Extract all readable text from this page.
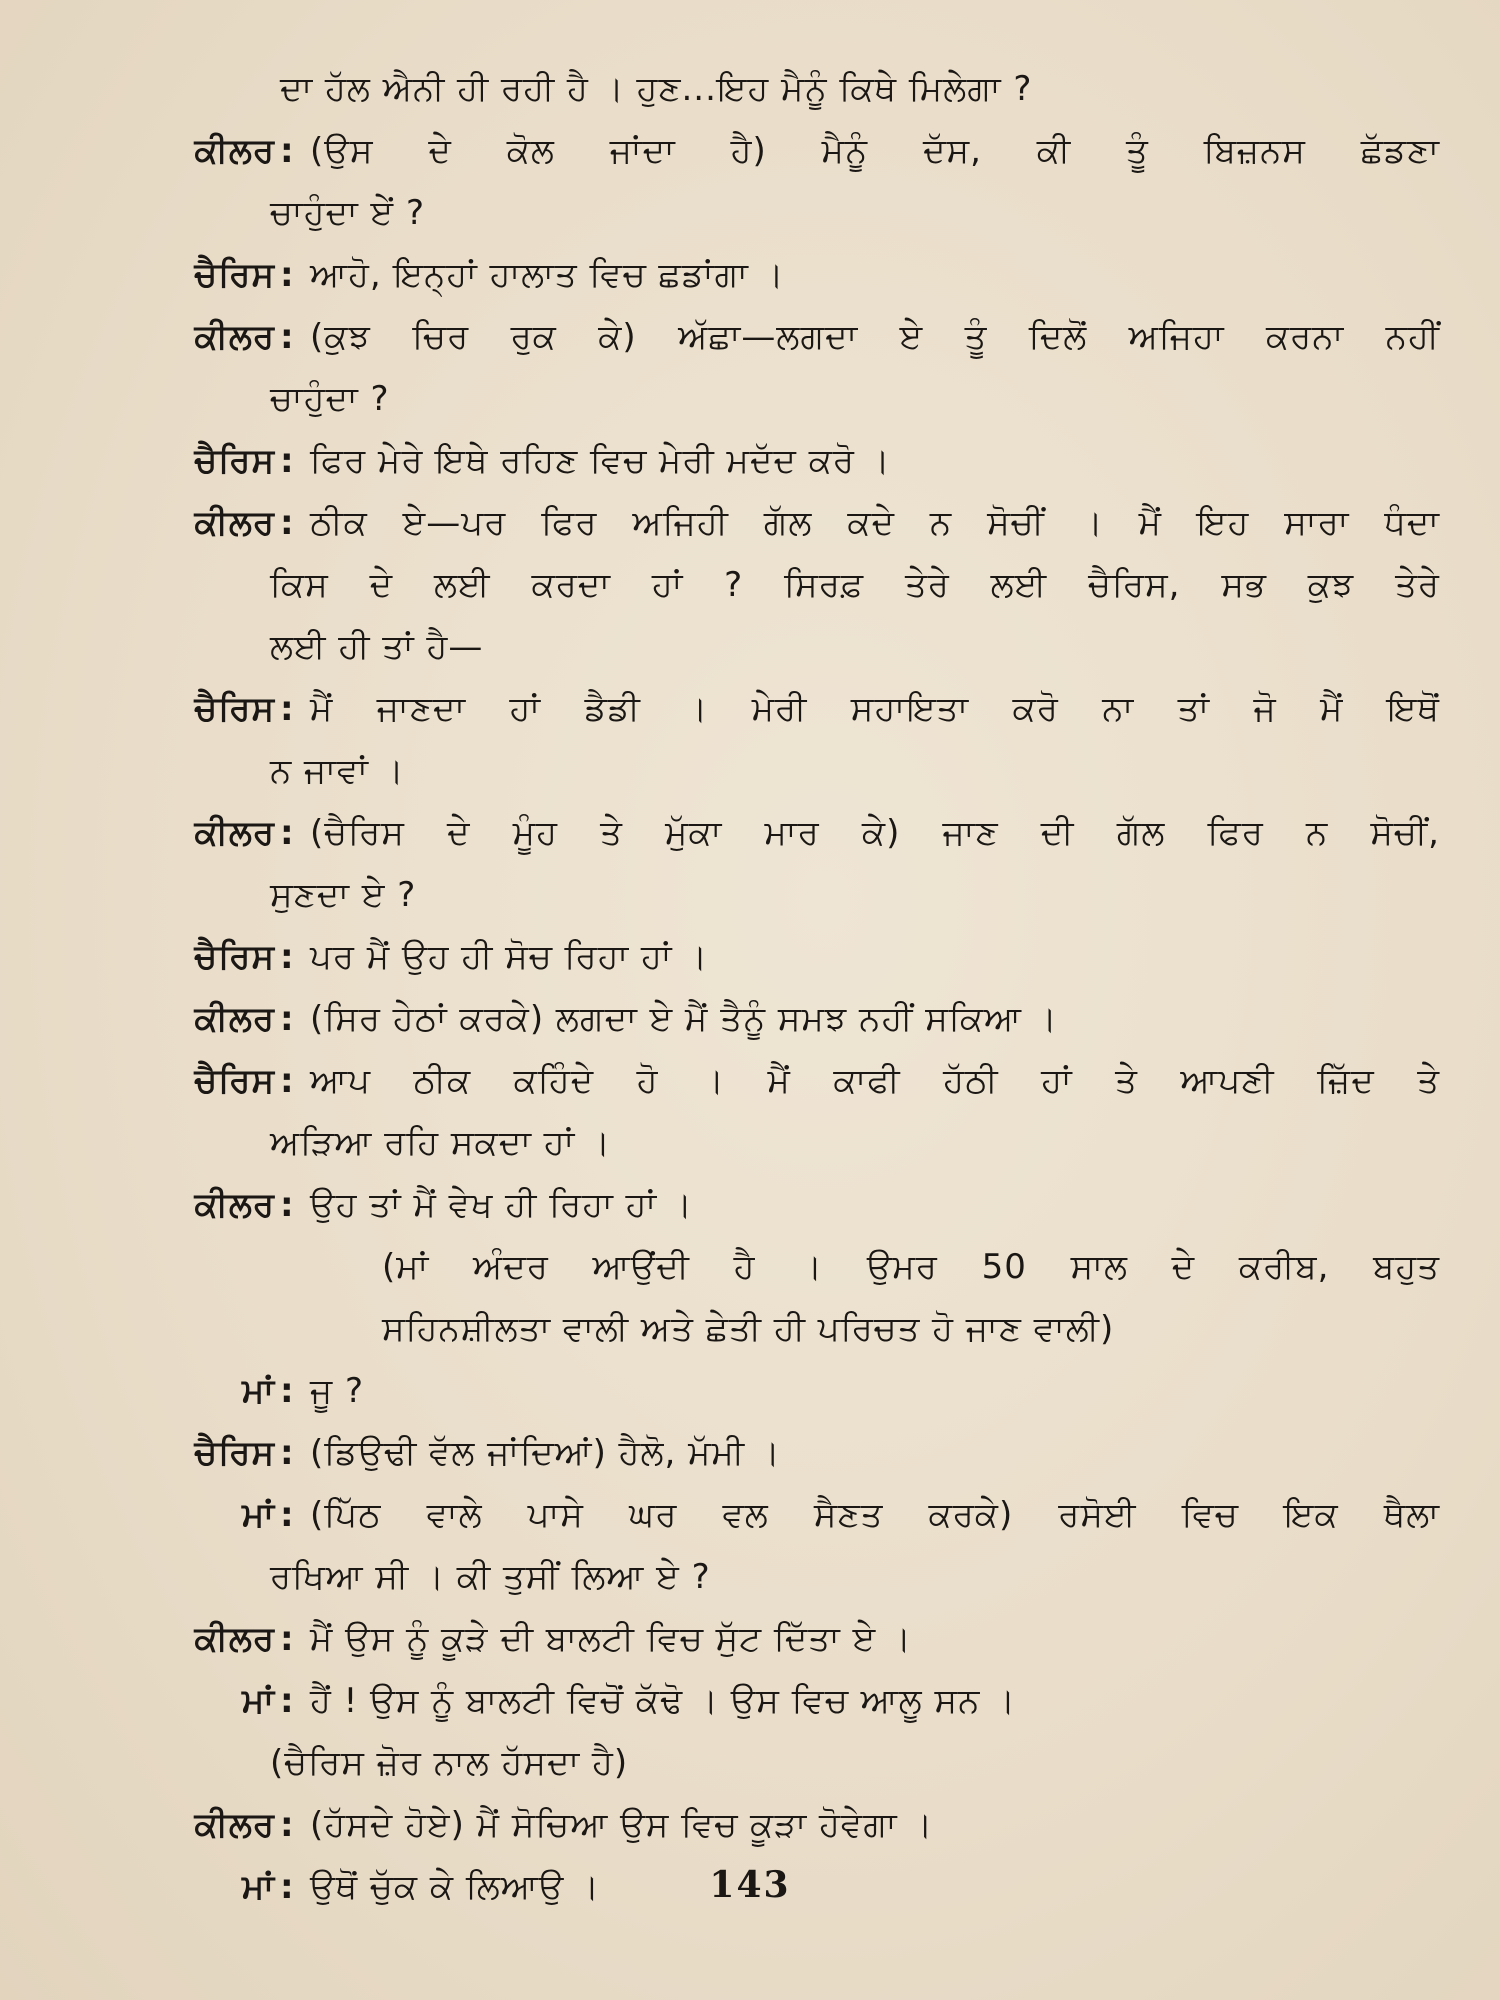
ਦਾ ਹੱਲ ਐਨੀ ਹੀ ਰਹੀ ਹੈ । ਹੁਣ...ਇਹ ਮੈਨੂੰ ਕਿਥੇ ਮਿਲੇਗਾ ?
ਕੀਲਰ : (ਉਸ ਦੇ ਕੋਲ ਜਾਂਦਾ ਹੈ) ਮੈਨੂੰ ਦੱਸ, ਕੀ ਤੂੰ ਬਿਜ਼ਨਸ ਛੱਡਣਾ
ਚਾਹੁੰਦਾ ਏਂ ?
ਚੈਰਿਸ : ਆਹੋ, ਇਨ੍ਹਾਂ ਹਾਲਾਤ ਵਿਚ ਛਡਾਂਗਾ ।
ਕੀਲਰ : (ਕੁਝ ਚਿਰ ਰੁਕ ਕੇ) ਅੱਛਾ—ਲਗਦਾ ਏ ਤੂੰ ਦਿਲੋਂ ਅਜਿਹਾ ਕਰਨਾ ਨਹੀਂ
ਚਾਹੁੰਦਾ ?
ਚੈਰਿਸ : ਫਿਰ ਮੇਰੇ ਇਥੇ ਰਹਿਣ ਵਿਚ ਮੇਰੀ ਮਦੱਦ ਕਰੋ ।
ਕੀਲਰ : ਠੀਕ ਏ—ਪਰ ਫਿਰ ਅਜਿਹੀ ਗੱਲ ਕਦੇ ਨ ਸੋਚੀਂ । ਮੈਂ ਇਹ ਸਾਰਾ ਧੰਦਾ
ਕਿਸ ਦੇ ਲਈ ਕਰਦਾ ਹਾਂ ? ਸਿਰਫ਼ ਤੇਰੇ ਲਈ ਚੈਰਿਸ, ਸਭ ਕੁਝ ਤੇਰੇ
ਲਈ ਹੀ ਤਾਂ ਹੈ—
ਚੈਰਿਸ : ਮੈਂ ਜਾਣਦਾ ਹਾਂ ਡੈਡੀ । ਮੇਰੀ ਸਹਾਇਤਾ ਕਰੋ ਨਾ ਤਾਂ ਜੋ ਮੈਂ ਇਥੋਂ
ਨ ਜਾਵਾਂ ।
ਕੀਲਰ : (ਚੈਰਿਸ ਦੇ ਮੂੰਹ ਤੇ ਮੁੱਕਾ ਮਾਰ ਕੇ) ਜਾਣ ਦੀ ਗੱਲ ਫਿਰ ਨ ਸੋਚੀਂ,
ਸੁਣਦਾ ਏ ?
ਚੈਰਿਸ : ਪਰ ਮੈਂ ਉਹ ਹੀ ਸੋਚ ਰਿਹਾ ਹਾਂ ।
ਕੀਲਰ : (ਸਿਰ ਹੇਠਾਂ ਕਰਕੇ) ਲਗਦਾ ਏ ਮੈਂ ਤੈਨੂੰ ਸਮਝ ਨਹੀਂ ਸਕਿਆ ।
ਚੈਰਿਸ : ਆਪ ਠੀਕ ਕਹਿੰਦੇ ਹੋ । ਮੈਂ ਕਾਫੀ ਹੱਠੀ ਹਾਂ ਤੇ ਆਪਣੀ ਜ਼ਿੱਦ ਤੇ
ਅੜਿਆ ਰਹਿ ਸਕਦਾ ਹਾਂ ।
ਕੀਲਰ : ਉਹ ਤਾਂ ਮੈਂ ਵੇਖ ਹੀ ਰਿਹਾ ਹਾਂ ।
(ਮਾਂ ਅੰਦਰ ਆਉਂਦੀ ਹੈ । ਉਮਰ 50 ਸਾਲ ਦੇ ਕਰੀਬ, ਬਹੁਤ
ਸਹਿਨਸ਼ੀਲਤਾ ਵਾਲੀ ਅਤੇ ਛੇਤੀ ਹੀ ਪਰਿਚਤ ਹੋ ਜਾਣ ਵਾਲੀ)
ਮਾਂ : ਜੂ ?
ਚੈਰਿਸ : (ਡਿਉਢੀ ਵੱਲ ਜਾਂਦਿਆਂ) ਹੈਲੋ, ਮੱਮੀ ।
ਮਾਂ : (ਪਿੱਠ ਵਾਲੇ ਪਾਸੇ ਘਰ ਵਲ ਸੈਣਤ ਕਰਕੇ) ਰਸੋਈ ਵਿਚ ਇਕ ਥੈਲਾ
ਰਖਿਆ ਸੀ । ਕੀ ਤੁਸੀਂ ਲਿਆ ਏ ?
ਕੀਲਰ : ਮੈਂ ਉਸ ਨੂੰ ਕੂੜੇ ਦੀ ਬਾਲਟੀ ਵਿਚ ਸੁੱਟ ਦਿੱਤਾ ਏ ।
ਮਾਂ : ਹੈਂ ! ਉਸ ਨੂੰ ਬਾਲਟੀ ਵਿਚੋਂ ਕੱਢੋ । ਉਸ ਵਿਚ ਆਲੂ ਸਨ ।
(ਚੈਰਿਸ ਜ਼ੋਰ ਨਾਲ ਹੱਸਦਾ ਹੈ)
ਕੀਲਰ : (ਹੱਸਦੇ ਹੋਏ) ਮੈਂ ਸੋਚਿਆ ਉਸ ਵਿਚ ਕੂੜਾ ਹੋਵੇਗਾ ।
ਮਾਂ : ਉਥੋਂ ਚੁੱਕ ਕੇ ਲਿਆਉ ।	143
